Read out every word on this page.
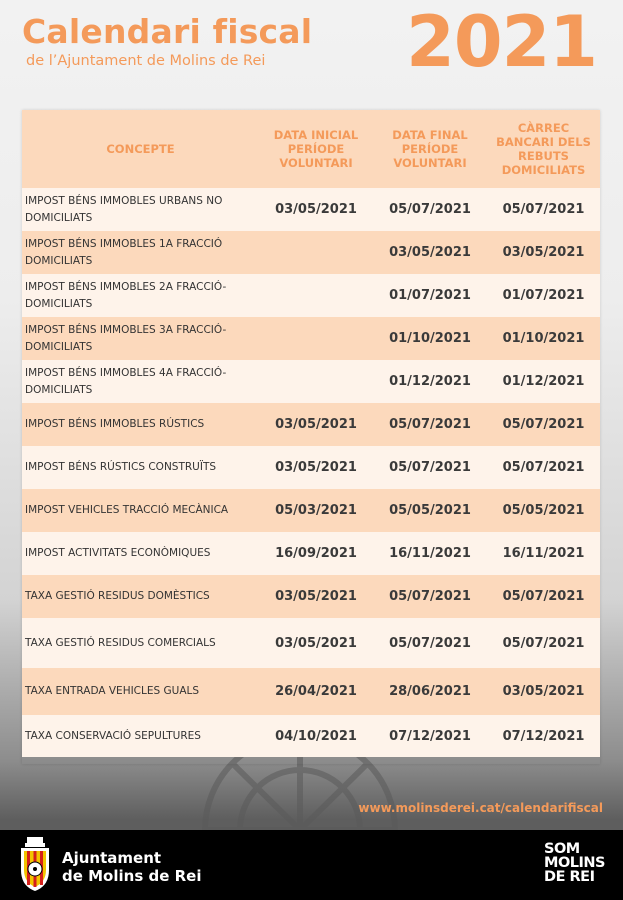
Calendari fiscal
de l’Ajuntament de Molins de Rei 2021
CONCEPTE	DATA INICIAL PERÍODE VOLUNTARI	DATA FINAL PERÍODE VOLUNTARI	CÀRREC BANCARI DELS REBUTS DOMICILIATS
IMPOST BÉNS IMMOBLES URBANS NO DOMICILIATS	03/05/2021	05/07/2021	05/07/2021
IMPOST BÉNS IMMOBLES 1A FRACCIÓ DOMICILIATS		03/05/2021	03/05/2021
IMPOST BÉNS IMMOBLES 2A FRACCIÓ-DOMICILIATS		01/07/2021	01/07/2021
IMPOST BÉNS IMMOBLES 3A FRACCIÓ-DOMICILIATS		01/10/2021	01/10/2021
IMPOST BÉNS IMMOBLES 4A FRACCIÓ-DOMICILIATS		01/12/2021	01/12/2021
IMPOST BÉNS IMMOBLES RÚSTICS	03/05/2021	05/07/2021	05/07/2021
IMPOST BÉNS RÚSTICS CONSTRUÏTS	03/05/2021	05/07/2021	05/07/2021
IMPOST VEHICLES TRACCIÓ MECÀNICA	05/03/2021	05/05/2021	05/05/2021
IMPOST ACTIVITATS ECONÒMIQUES	16/09/2021	16/11/2021	16/11/2021
TAXA GESTIÓ RESIDUS DOMÈSTICS	03/05/2021	05/07/2021	05/07/2021
TAXA GESTIÓ RESIDUS COMERCIALS	03/05/2021	05/07/2021	05/07/2021
TAXA ENTRADA VEHICLES GUALS	26/04/2021	28/06/2021	03/05/2021
TAXA CONSERVACIÓ SEPULTURES	04/10/2021	07/12/2021	07/12/2021
www.molinsderei.cat/calendarifiscal
Ajuntament
de Molins de Rei
SOM
MOLINS
DE REI
